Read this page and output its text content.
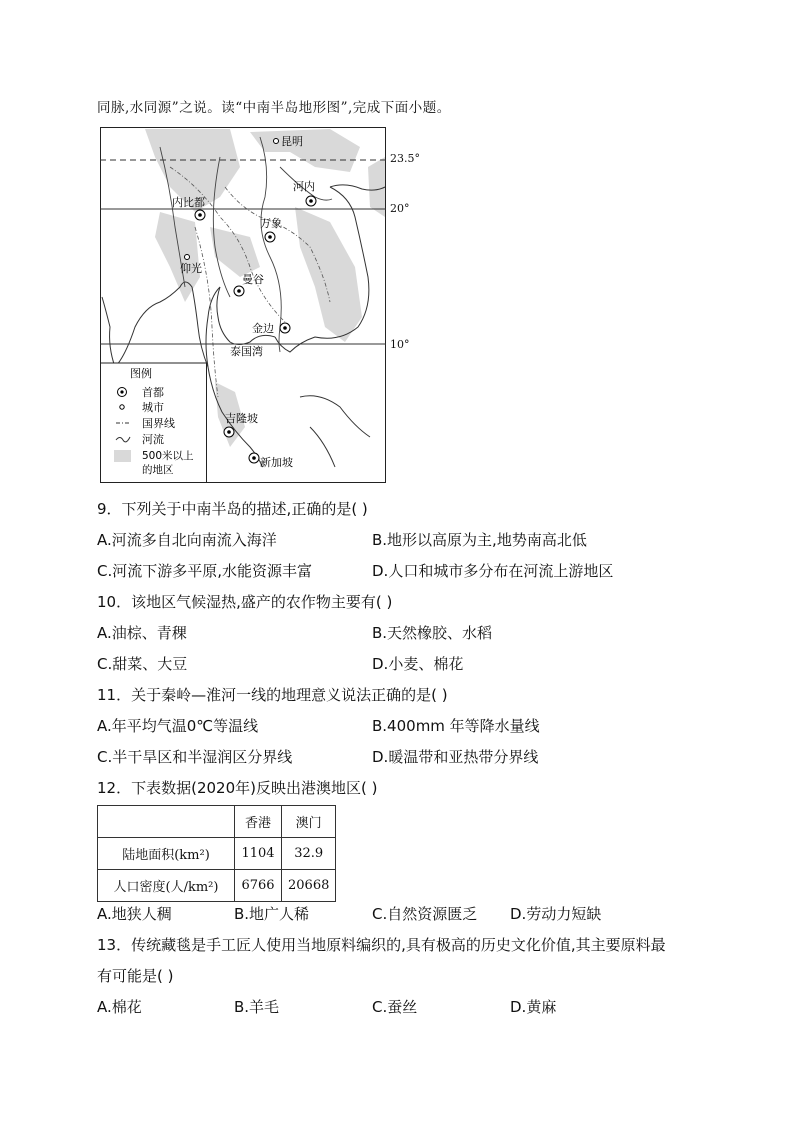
同脉,水同源”之说。读“中南半岛地形图”,完成下面小题。
昆明
河内
内比都
万象
仰光
曼谷
金边
泰国湾
吉隆坡
新加坡
图例
首都
城市
国界线
河流
500米以上
的地区
23.5°
20°
10°
9．下列关于中南半岛的描述,正确的是( )
A.河流多自北向南流入海洋	B.地形以高原为主,地势南高北低
C.河流下游多平原,水能资源丰富	D.人口和城市多分布在河流上游地区
10．该地区气候湿热,盛产的农作物主要有( )
A.油棕、青稞	B.天然橡胶、水稻
C.甜菜、大豆	D.小麦、棉花
11．关于秦岭—淮河一线的地理意义说法正确的是( )
A.年平均气温0℃等温线	B.400mm 年等降水量线
C.半干旱区和半湿润区分界线	D.暖温带和亚热带分界线
12．下表数据(2020年)反映出港澳地区( )
	香港	澳门
陆地面积(km²)	1104	32.9
人口密度(人/km²)	6766	20668
A.地狭人稠	B.地广人稀	C.自然资源匮乏 D.劳动力短缺
13．传统藏毯是手工匠人使用当地原料编织的,具有极高的历史文化价值,其主要原料最
有可能是( )
A.棉花	B.羊毛	C.蚕丝	D.黄麻
